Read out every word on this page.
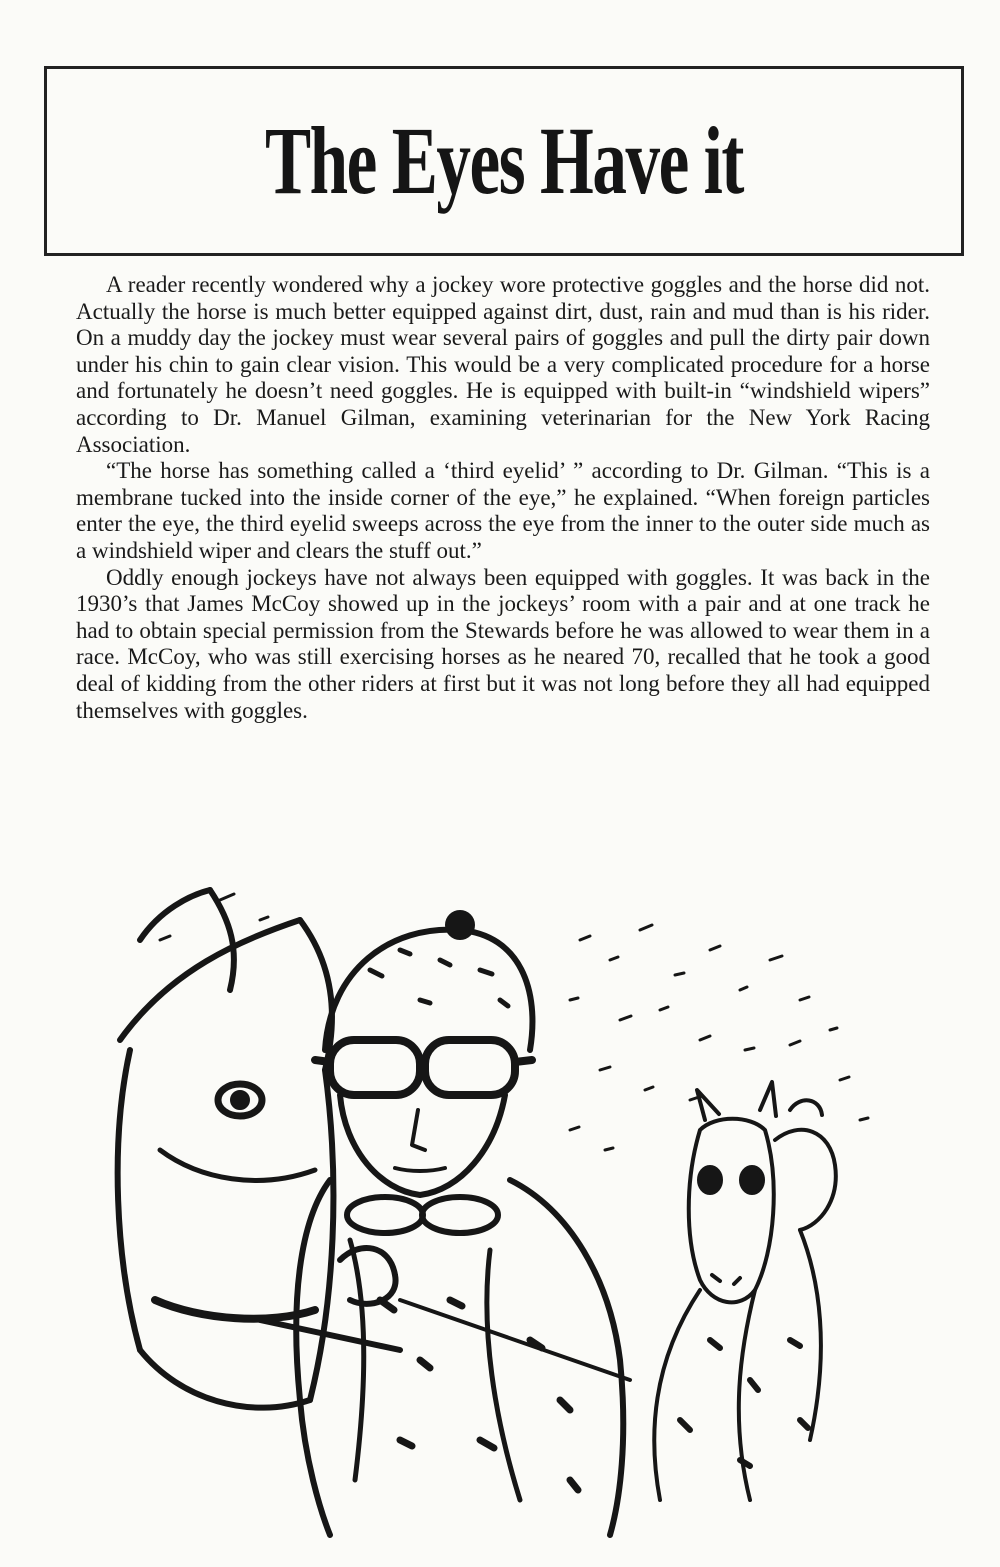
The Eyes Have it

A reader recently wondered why a jockey wore protective goggles and the horse did not. Actually the horse is much better equipped against dirt, dust, rain and mud than is his rider. On a muddy day the jockey must wear several pairs of goggles and pull the dirty pair down under his chin to gain clear vision. This would be a very complicated procedure for a horse and fortunately he doesn’t need goggles. He is equipped with built-in “windshield wipers” according to Dr. Manuel Gilman, examining veterinarian for the New York Racing Association.

“The horse has something called a ‘third eyelid’ ” according to Dr. Gilman. “This is a membrane tucked into the inside corner of the eye,” he explained. “When foreign particles enter the eye, the third eyelid sweeps across the eye from the inner to the outer side much as a windshield wiper and clears the stuff out.”

Oddly enough jockeys have not always been equipped with goggles. It was back in the 1930’s that James McCoy showed up in the jockeys’ room with a pair and at one track he had to obtain special permission from the Stewards before he was allowed to wear them in a race. McCoy, who was still exercising horses as he neared 70, recalled that he took a good deal of kidding from the other riders at first but it was not long before they all had equipped themselves with goggles.
